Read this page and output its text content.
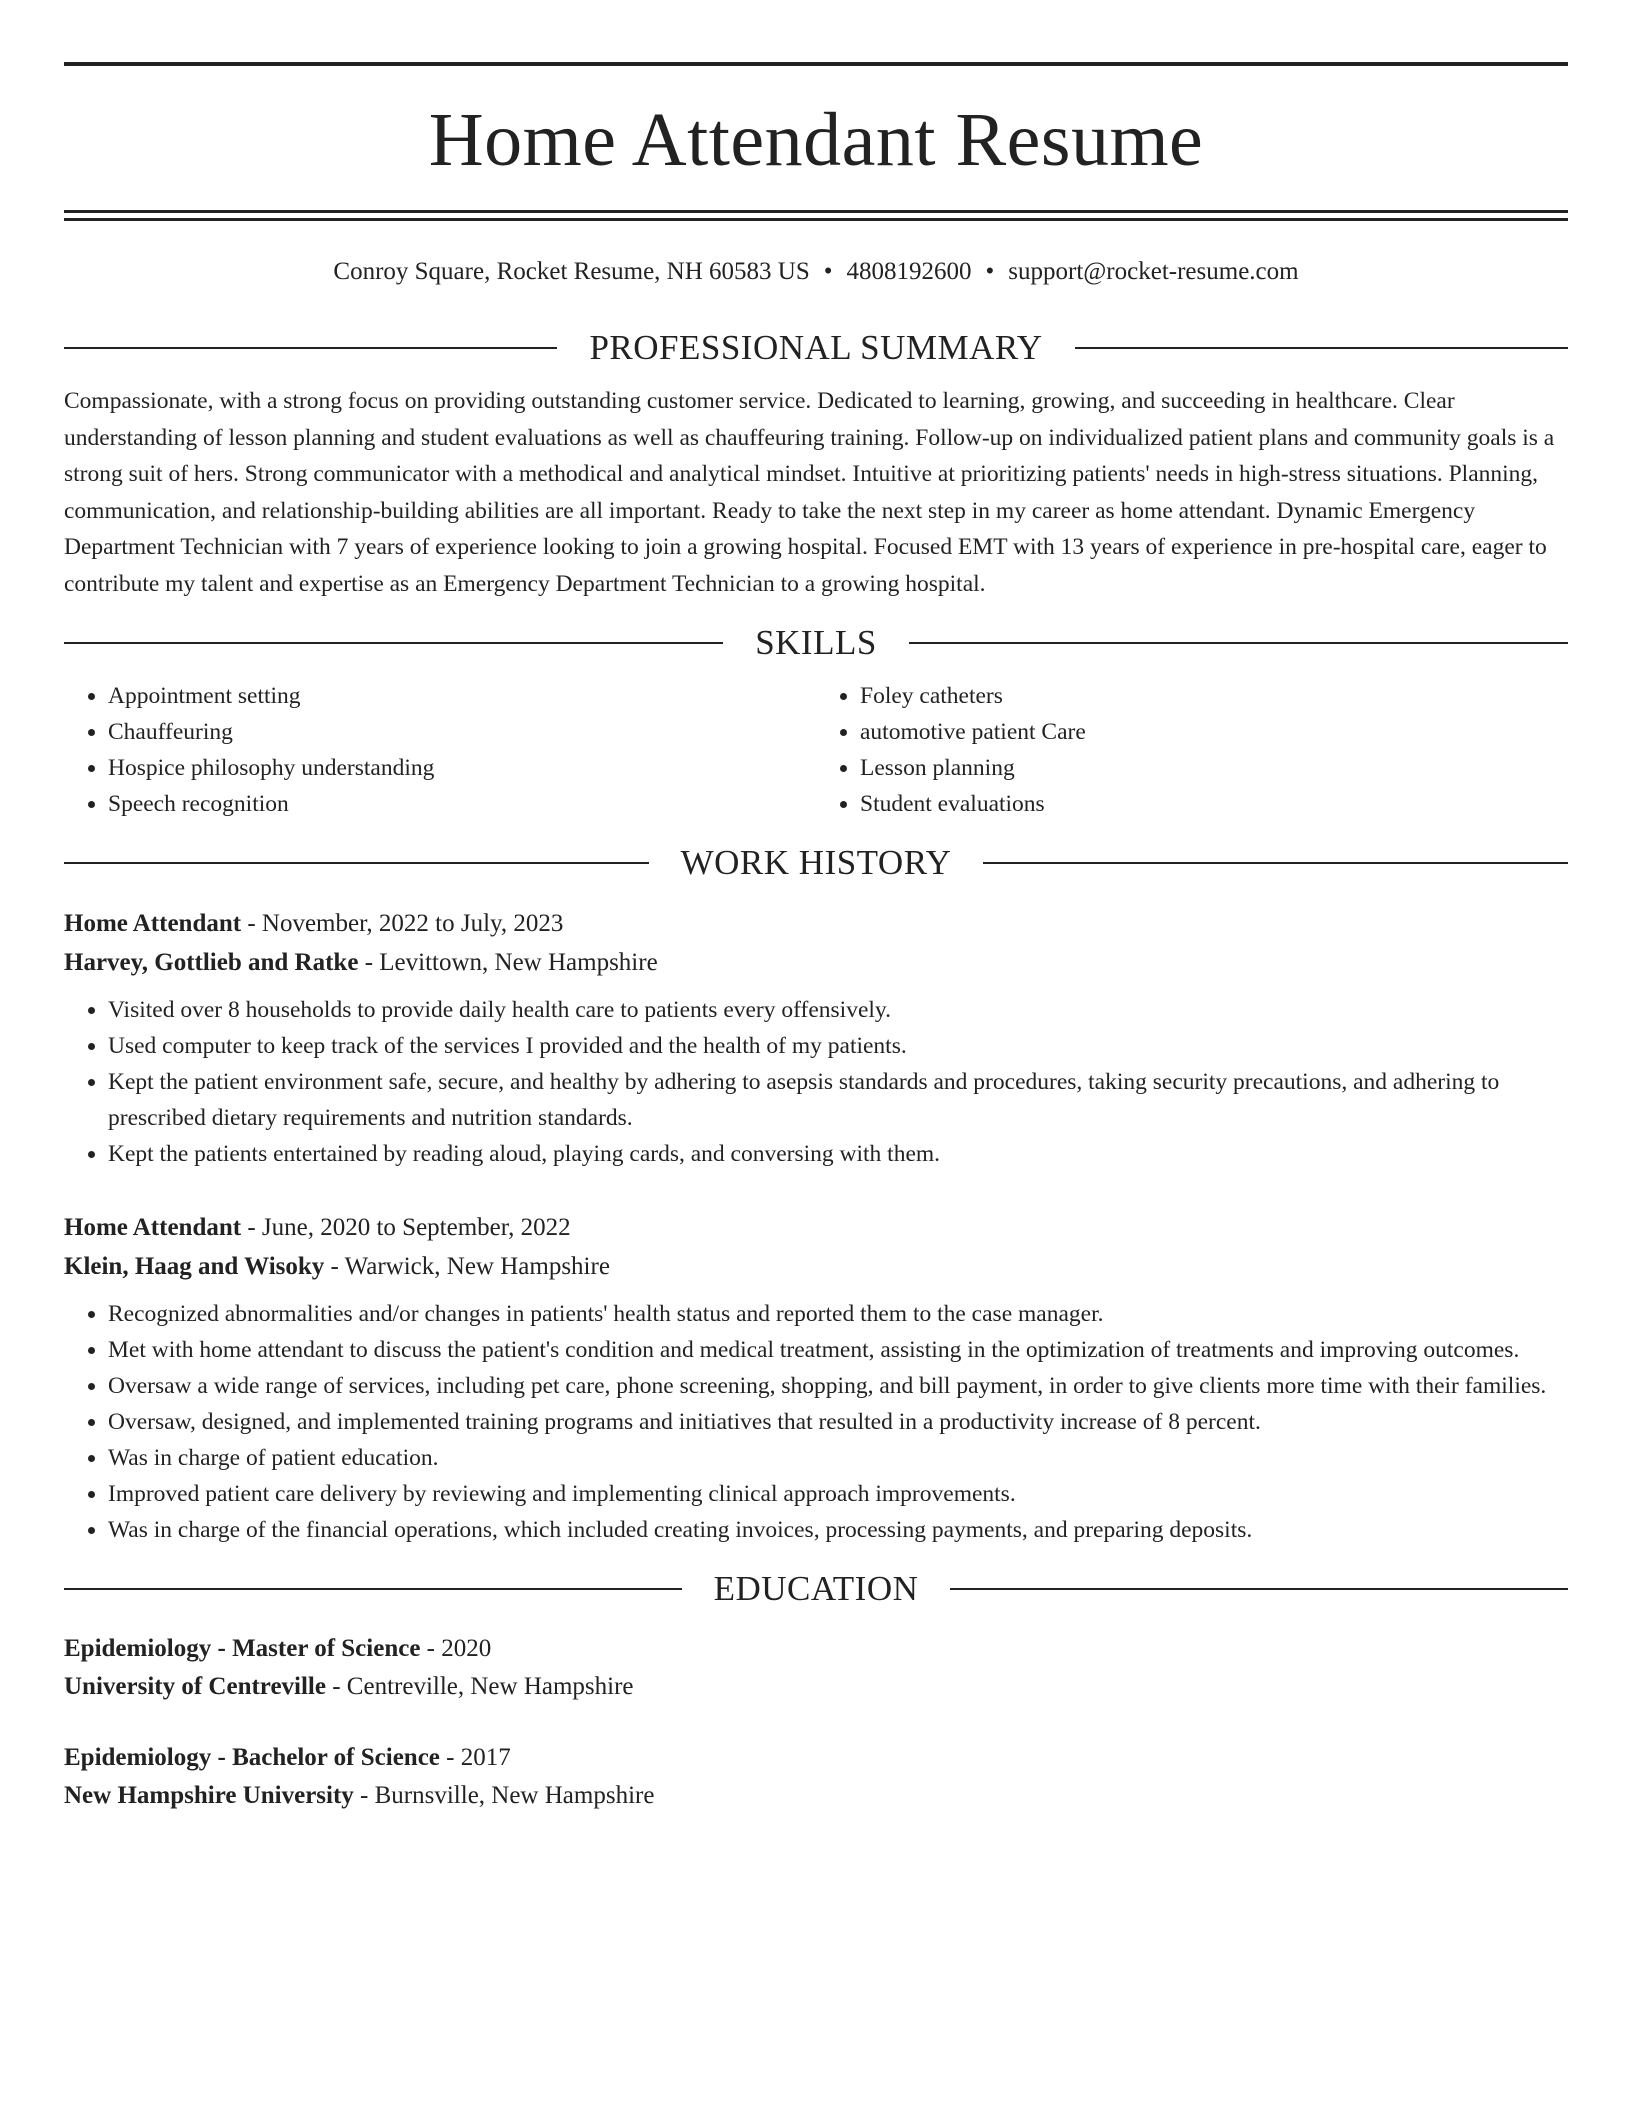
Home Attendant Resume
Conroy Square, Rocket Resume, NH 60583 US • 4808192600 • support@rocket-resume.com
PROFESSIONAL SUMMARY

Compassionate, with a strong focus on providing outstanding customer service. Dedicated to learning, growing, and succeeding in healthcare. Clear understanding of lesson planning and student evaluations as well as chauffeuring training. Follow-up on individualized patient plans and community goals is a strong suit of hers. Strong communicator with a methodical and analytical mindset. Intuitive at prioritizing patients' needs in high-stress situations. Planning, communication, and relationship-building abilities are all important. Ready to take the next step in my career as home attendant. Dynamic Emergency Department Technician with 7 years of experience looking to join a growing hospital. Focused EMT with 13 years of experience in pre-hospital care, eager to contribute my talent and expertise as an Emergency Department Technician to a growing hospital.

SKILLS
• Appointment setting
• Chauffeuring
• Hospice philosophy understanding
• Speech recognition
• Foley catheters
• automotive patient Care
• Lesson planning
• Student evaluations
WORK HISTORY
Home Attendant - November, 2022 to July, 2023
Harvey, Gottlieb and Ratke - Levittown, New Hampshire
• Visited over 8 households to provide daily health care to patients every offensively.
• Used computer to keep track of the services I provided and the health of my patients.
• Kept the patient environment safe, secure, and healthy by adhering to asepsis standards and procedures, taking security precautions, and adhering to prescribed dietary requirements and nutrition standards.
• Kept the patients entertained by reading aloud, playing cards, and conversing with them.
Home Attendant - June, 2020 to September, 2022
Klein, Haag and Wisoky - Warwick, New Hampshire
• Recognized abnormalities and/or changes in patients' health status and reported them to the case manager.
• Met with home attendant to discuss the patient's condition and medical treatment, assisting in the optimization of treatments and improving outcomes.
• Oversaw a wide range of services, including pet care, phone screening, shopping, and bill payment, in order to give clients more time with their families.
• Oversaw, designed, and implemented training programs and initiatives that resulted in a productivity increase of 8 percent.
• Was in charge of patient education.
• Improved patient care delivery by reviewing and implementing clinical approach improvements.
• Was in charge of the financial operations, which included creating invoices, processing payments, and preparing deposits.
EDUCATION
Epidemiology - Master of Science - 2020
University of Centreville - Centreville, New Hampshire
Epidemiology - Bachelor of Science - 2017
New Hampshire University - Burnsville, New Hampshire
